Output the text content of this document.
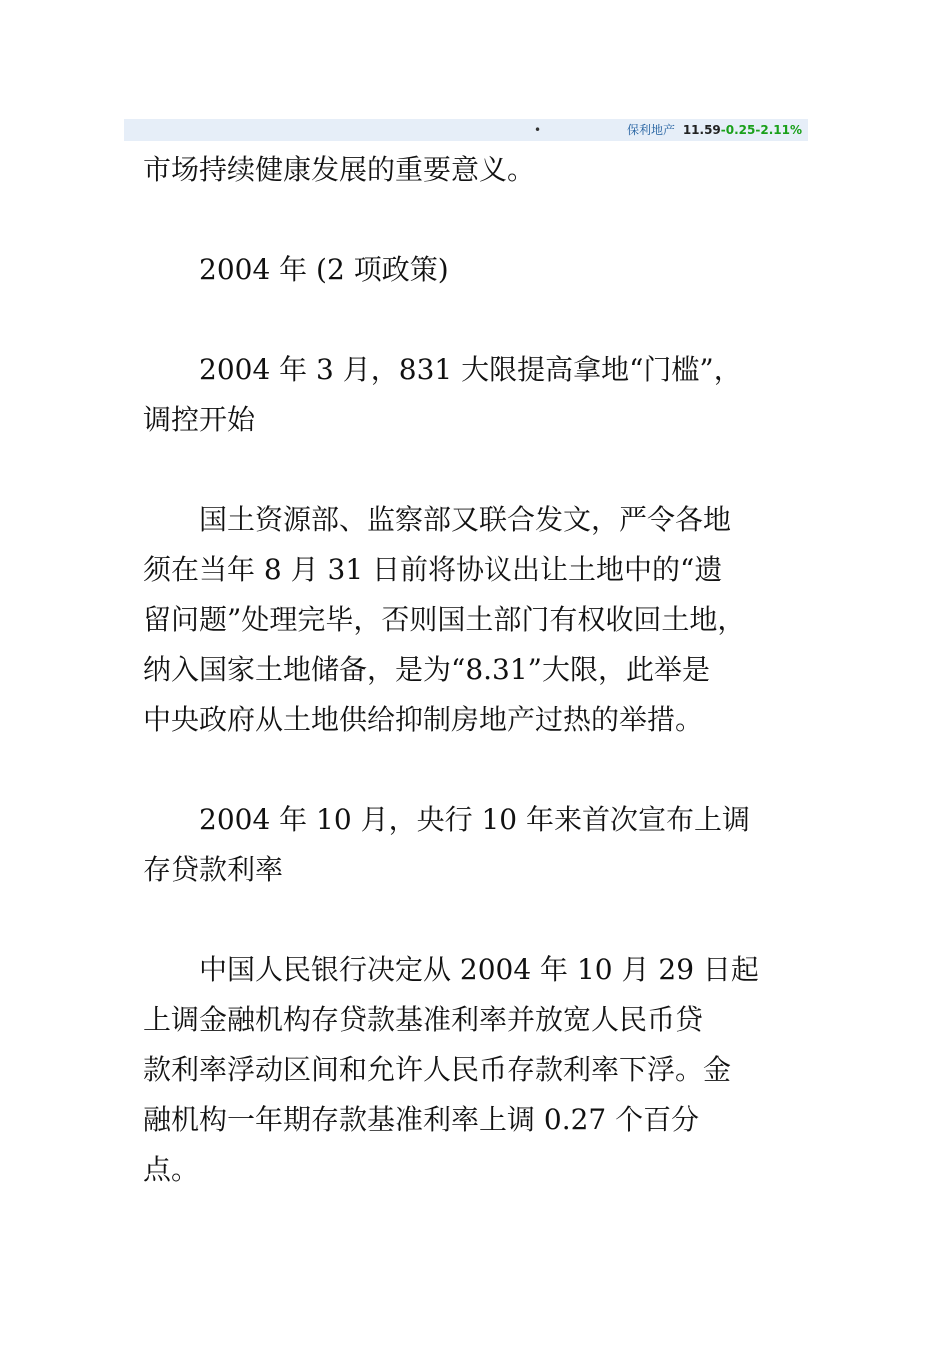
•	保利地产 11.59-0.25-2.11%

市场持续健康发展的重要意义。

　　2004 年 (2 项政策)

　　2004 年 3 月，831 大限提高拿地“门槛”，
调控开始

　　国土资源部、监察部又联合发文，严令各地
须在当年 8 月 31 日前将协议出让土地中的“遗
留问题”处理完毕，否则国土部门有权收回土地，
纳入国家土地储备，是为“8.31”大限，此举是
中央政府从土地供给抑制房地产过热的举措。

　　2004 年 10 月，央行 10 年来首次宣布上调
存贷款利率

　　中国人民银行决定从 2004 年 10 月 29 日起
上调金融机构存贷款基准利率并放宽人民币贷
款利率浮动区间和允许人民币存款利率下浮。金
融机构一年期存款基准利率上调 0.27 个百分
点。
